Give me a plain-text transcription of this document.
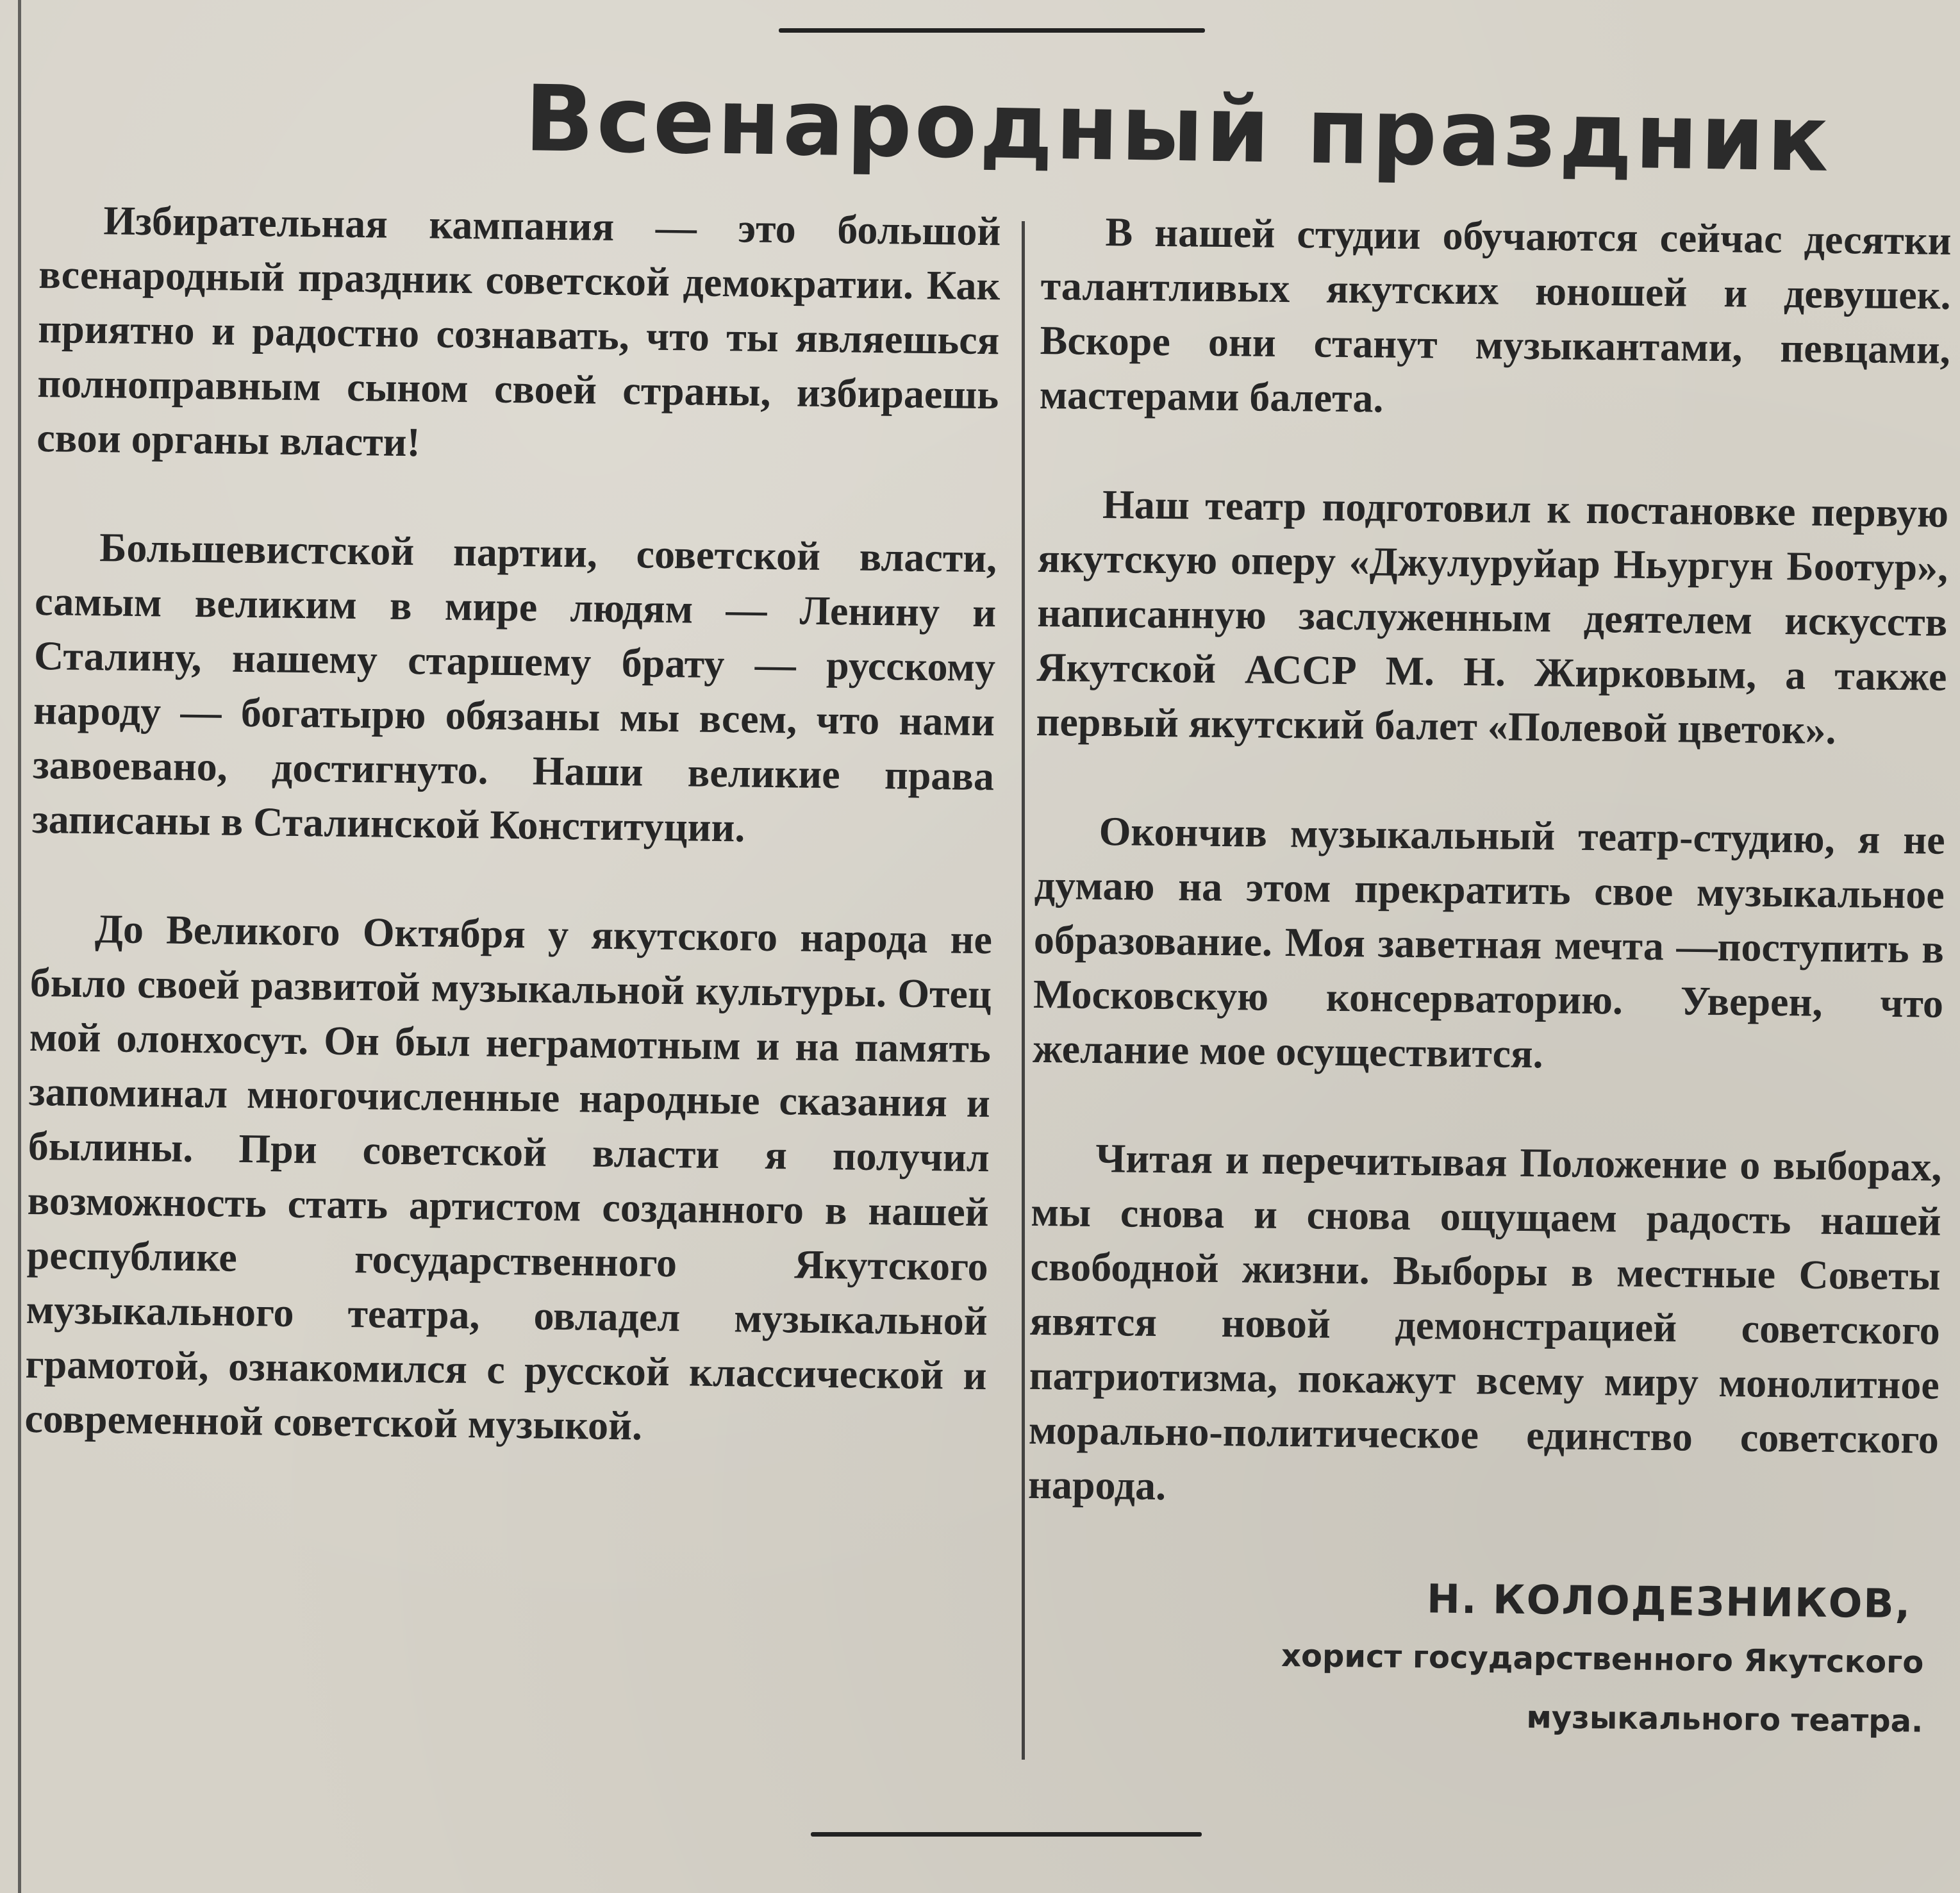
Всенародный праздник

Избирательная кампания — это большой всенародный праздник советской демократии. Как приятно и радостно сознавать, что ты являешься полноправным сыном своей страны, избираешь свои органы власти!

Большевистской партии, советской власти, самым великим в мире людям — Ленину и Сталину, нашему старшему брату — русскому народу — богатырю обязаны мы всем, что нами завоевано, достигнуто. Наши великие права записаны в Сталинской Конституции.

До Великого Октября у якутского народа не было своей развитой музыкальной культуры. Отец мой олонхосут. Он был неграмотным и на память запоминал многочисленные народные сказания и былины. При советской власти я получил возможность стать артистом созданного в нашей республике государственного Якутского музыкального театра, овладел музыкальной грамотой, ознакомился с русской классической и современной советской музыкой.

В нашей студии обучаются сейчас десятки талантливых якутских юношей и девушек. Вскоре они станут музыкантами, певцами, мастерами балета.

Наш театр подготовил к постановке первую якутскую оперу «Джулуруйар Ньургун Боотур», написанную заслуженным деятелем искусств Якутской АССР М. Н. Жирковым, а также первый якутский балет «Полевой цветок».

Окончив музыкальный театр-студию, я не думаю на этом прекратить свое музыкальное образование. Моя заветная мечта —поступить в Московскую консерваторию. Уверен, что желание мое осуществится.

Читая и перечитывая Положение о выборах, мы снова и снова ощущаем радость нашей свободной жизни. Выборы в местные Советы явятся новой демонстрацией советского патриотизма, покажут всему миру монолитное морально-политическое единство советского народа.

Н. КОЛОДЕЗНИКОВ,
хорист государственного Якутского музыкального театра.
